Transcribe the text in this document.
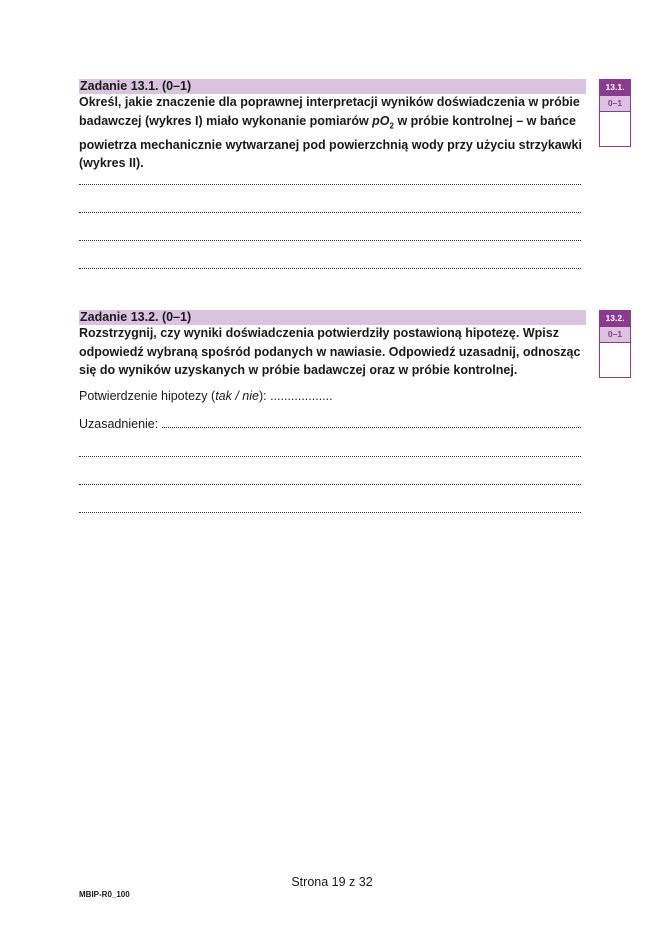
Zadanie 13.1. (0–1)
Określ, jakie znaczenie dla poprawnej interpretacji wyników doświadczenia w próbie badawczej (wykres I) miało wykonanie pomiarów $pO_2$ w próbie kontrolnej – w bańce powietrza mechanicznie wytwarzanej pod powierzchnią wody przy użyciu strzykawki (wykres II).
13.1.
0–1
Zadanie 13.2. (0–1)
Rozstrzygnij, czy wyniki doświadczenia potwierdziły postawioną hipotezę. Wpisz odpowiedź wybraną spośród podanych w nawiasie. Odpowiedź uzasadnij, odnosząc się do wyników uzyskanych w próbie badawczej oraz w próbie kontrolnej.
13.2.
0–1
Potwierdzenie hipotezy (tak / nie): ..................
Uzasadnienie:
Strona 19 z 32
MBIP-R0_100
